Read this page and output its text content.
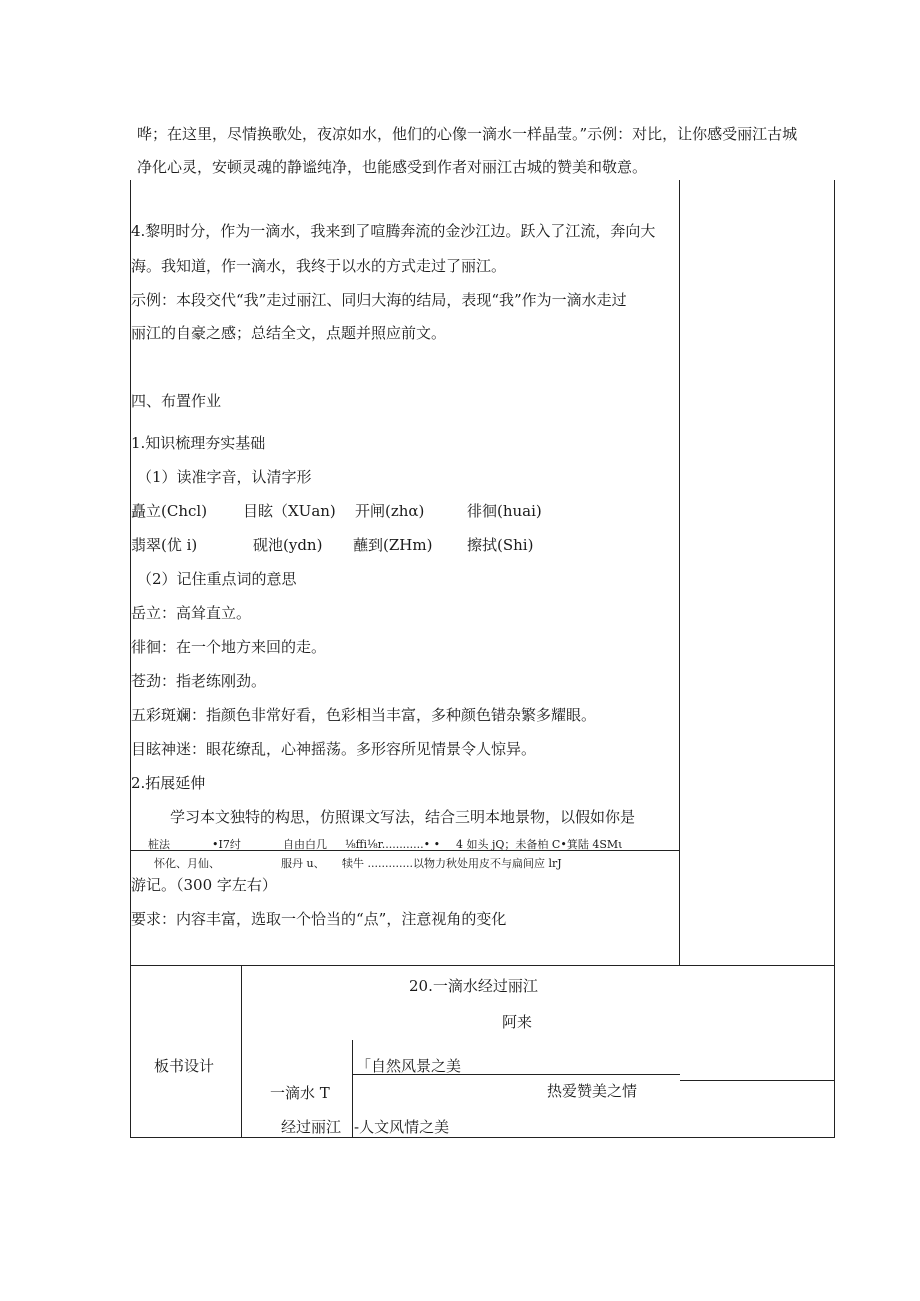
哗；在这里，尽情换歌处，夜凉如水，他们的心像一滴水一样晶莹。”示例：对比，让你感受丽江古城
净化心灵，安顿灵魂的静谧纯净，也能感受到作者对丽江古城的赞美和敬意。
4.黎明时分，作为一滴水，我来到了喧腾奔流的金沙江边。跃入了江流，奔向大
海。我知道，作一滴水，我终于以水的方式走过了丽江。
示例：本段交代“我”走过丽江、同归大海的结局，表现“我”作为一滴水走过
丽江的自豪之感；总结全文，点题并照应前文。
四、布置作业
1.知识梳理夯实基础
（1）读准字音，认清字形
矗立(Chcl) 目眩（XUan) 开闸(zhα)	徘徊(huai)
翡翠(优 i)	砚池(ydn) 蘸到(ZHm) 擦拭(Shi)
（2）记住重点词的意思
岳立：高耸直立。
徘徊：在一个地方来回的走。
苍劲：指老练刚劲。
五彩斑斓：指颜色非常好看，色彩相当丰富，多种颜色错杂繁多耀眼。
目眩神迷：眼花缭乱，心神摇荡。多形容所见情景令人惊异。
2.拓展延伸
学习本文独特的构思，仿照课文写法，结合三明本地景物，以假如你是
桩法	•I7纣	自由白几 ⅛ffi⅛r............• • 4 如头 jQ；未备柏 C•箕陆 4SMι
怀化、月仙、	服丹 u、 犊牛 .............以物力秋处用皮不与扁间应 lrJ
游记。（300 字左右）
要求：内容丰富，选取一个恰当的“点”，注意视角的变化
板书设计
20.一滴水经过丽江
阿来
「自然风景之美
一滴水 T	热爱赞美之情
经过丽江 -人文风情之美
